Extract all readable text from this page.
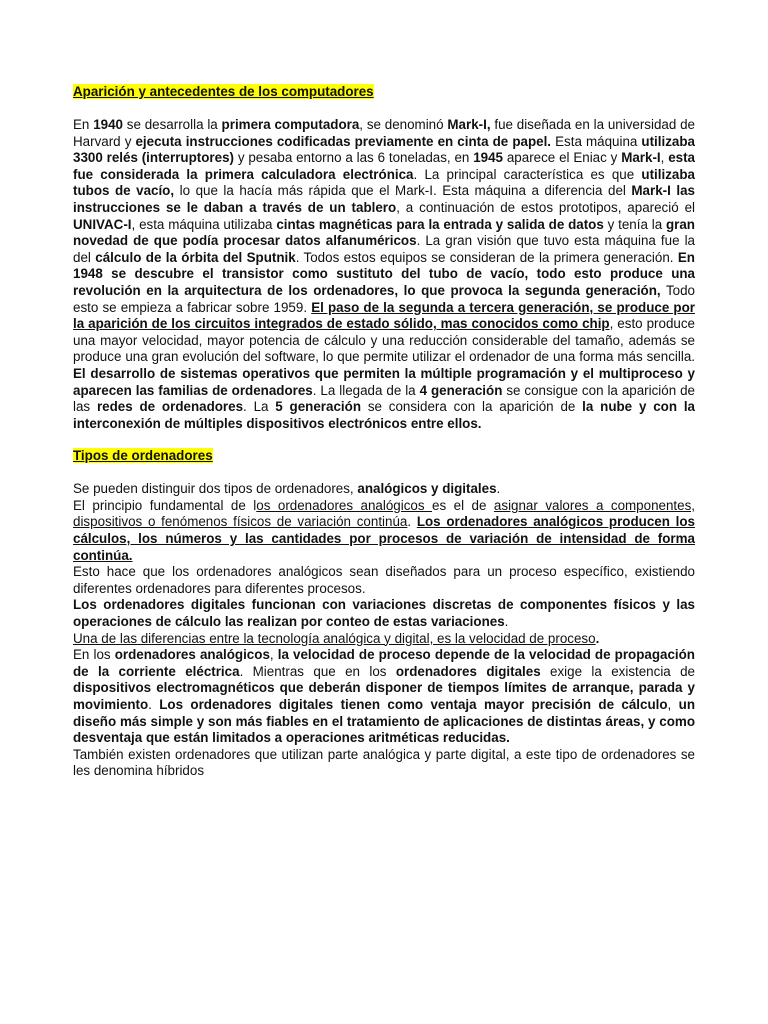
Aparición y antecedentes de los computadores

En 1940 se desarrolla la primera computadora, se denominó Mark-I, fue diseñada en la universidad de Harvard y ejecuta instrucciones codificadas previamente en cinta de papel. Esta máquina utilizaba 3300 relés (interruptores) y pesaba entorno a las 6 toneladas, en 1945 aparece el Eniac y Mark-I, esta fue considerada la primera calculadora electrónica. La principal característica es que utilizaba tubos de vacío, lo que la hacía más rápida que el Mark-I. Esta máquina a diferencia del Mark-I las instrucciones se le daban a través de un tablero, a continuación de estos prototipos, apareció el UNIVAC-I, esta máquina utilizaba cintas magnéticas para la entrada y salida de datos y tenía la gran novedad de que podía procesar datos alfanuméricos. La gran visión que tuvo esta máquina fue la del cálculo de la órbita del Sputnik. Todos estos equipos se consideran de la primera generación. En 1948 se descubre el transistor como sustituto del tubo de vacío, todo esto produce una revolución en la arquitectura de los ordenadores, lo que provoca la segunda generación, Todo esto se empieza a fabricar sobre 1959. El paso de la segunda a tercera generación, se produce por la aparición de los circuitos integrados de estado sólido, mas conocidos como chip, esto produce una mayor velocidad, mayor potencia de cálculo y una reducción considerable del tamaño, además se produce una gran evolución del software, lo que permite utilizar el ordenador de una forma más sencilla. El desarrollo de sistemas operativos que permiten la múltiple programación y el multiproceso y aparecen las familias de ordenadores. La llegada de la 4 generación se consigue con la aparición de las redes de ordenadores. La 5 generación se considera con la aparición de la nube y con la interconexión de múltiples dispositivos electrónicos entre ellos.

Tipos de ordenadores

Se pueden distinguir dos tipos de ordenadores, analógicos y digitales.

El principio fundamental de los ordenadores analógicos es el de asignar valores a componentes, dispositivos o fenómenos físicos de variación continúa. Los ordenadores analógicos producen los cálculos, los números y las cantidades por procesos de variación de intensidad de forma continúa.

Esto hace que los ordenadores analógicos sean diseñados para un proceso específico, existiendo diferentes ordenadores para diferentes procesos.

Los ordenadores digitales funcionan con variaciones discretas de componentes físicos y las operaciones de cálculo las realizan por conteo de estas variaciones.

Una de las diferencias entre la tecnología analógica y digital, es la velocidad de proceso.

En los ordenadores analógicos, la velocidad de proceso depende de la velocidad de propagación de la corriente eléctrica. Mientras que en los ordenadores digitales exige la existencia de dispositivos electromagnéticos que deberán disponer de tiempos límites de arranque, parada y movimiento. Los ordenadores digitales tienen como ventaja mayor precisión de cálculo, un diseño más simple y son más fiables en el tratamiento de aplicaciones de distintas áreas, y como desventaja que están limitados a operaciones aritméticas reducidas.

También existen ordenadores que utilizan parte analógica y parte digital, a este tipo de ordenadores se les denomina híbridos
